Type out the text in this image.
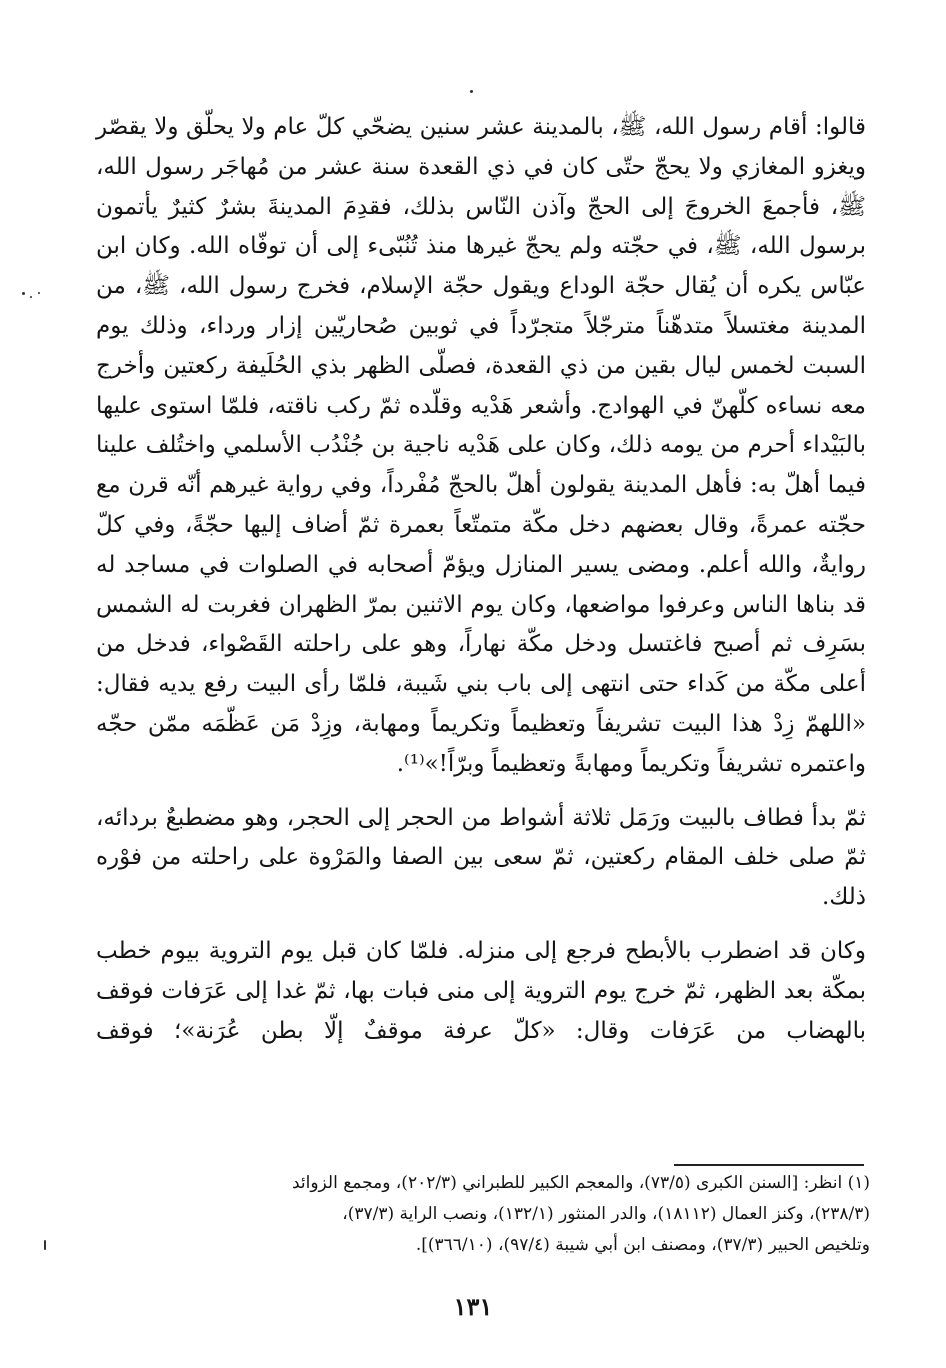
قالوا: أقام رسول الله، ﷺ، بالمدينة عشر سنين يضحّي كلّ عام ولا يحلّق ولا يقصّر ويغزو المغازي ولا يحجّ حتّى كان في ذي القعدة سنة عشر من مُهاجَر رسول الله، ﷺ، فأجمعَ الخروجَ إلى الحجّ وآذن النّاس بذلك، فقدِمَ المدينةَ بشرٌ كثيرٌ يأتمون برسول الله، ﷺ، في حجّته ولم يحجّ غيرها منذ تُنُبّىء إلى أن توفّاه الله. وكان ابن عبّاس يكره أن يُقال حجّة الوداع ويقول حجّة الإسلام، فخرج رسول الله، ﷺ، من المدينة مغتسلاً متدهّناً مترجّلاً متجرّداً في ثوبين صُحاريّين إزار ورداء، وذلك يوم السبت لخمس ليال بقين من ذي القعدة، فصلّى الظهر بذي الحُلَيفة ركعتين وأخرج معه نساءه كلّهنّ في الهوادج. وأشعر هَدْيه وقلّده ثمّ ركب ناقته، فلمّا استوى عليها بالبَيْداء أحرم من يومه ذلك، وكان على هَدْيه ناجية بن جُنْدُب الأسلمي واختُلف علينا فيما أهلّ به: فأهل المدينة يقولون أهلّ بالحجّ مُفْرداً، وفي رواية غيرهم أنّه قرن مع حجّته عمرةً، وقال بعضهم دخل مكّة متمتّعاً بعمرة ثمّ أضاف إليها حجّةً، وفي كلّ روايةٌ، والله أعلم. ومضى يسير المنازل ويؤمّ أصحابه في الصلوات في مساجد له قد بناها الناس وعرفوا مواضعها، وكان يوم الاثنين بمرّ الظهران فغربت له الشمس بسَرِف ثم أصبح فاغتسل ودخل مكّة نهاراً، وهو على راحلته القَصْواء، فدخل من أعلى مكّة من كَداء حتى انتهى إلى باب بني شَيبة، فلمّا رأى البيت رفع يديه فقال: «اللهمّ زِدْ هذا البيت تشريفاً وتعظيماً وتكريماً ومهابة، وزِدْ مَن عَظّمَه ممّن حجّه واعتمره تشريفاً وتكريماً ومهابةً وتعظيماً وبرّاً!»⁽¹⁾.

ثمّ بدأ فطاف بالبيت ورَمَل ثلاثة أشواط من الحجر إلى الحجر، وهو مضطبعٌ بردائه، ثمّ صلى خلف المقام ركعتين، ثمّ سعى بين الصفا والمَرْوة على راحلته من فوْره ذلك.

وكان قد اضطرب بالأبطح فرجع إلى منزله. فلمّا كان قبل يوم التروية بيوم خطب بمكّة بعد الظهر، ثمّ خرج يوم التروية إلى منى فبات بها، ثمّ غدا إلى عَرَفات فوقف بالهضاب من عَرَفات وقال: «كلّ عرفة موقفٌ إلّا بطن عُرَنة»؛ فوقف

(١) انظر: [السنن الكبرى (٧٣/٥)، والمعجم الكبير للطبراني (٢٠٢/٣)، ومجمع الزوائد

(٢٣٨/٣)، وكنز العمال (١٨١١٢)، والدر المنثور (١٣٢/١)، ونصب الراية (٣٧/٣)،

وتلخيص الحبير (٣٧/٣)، ومصنف ابن أبي شيبة (٩٧/٤)، (٣٦٦/١٠)].

١٣١
